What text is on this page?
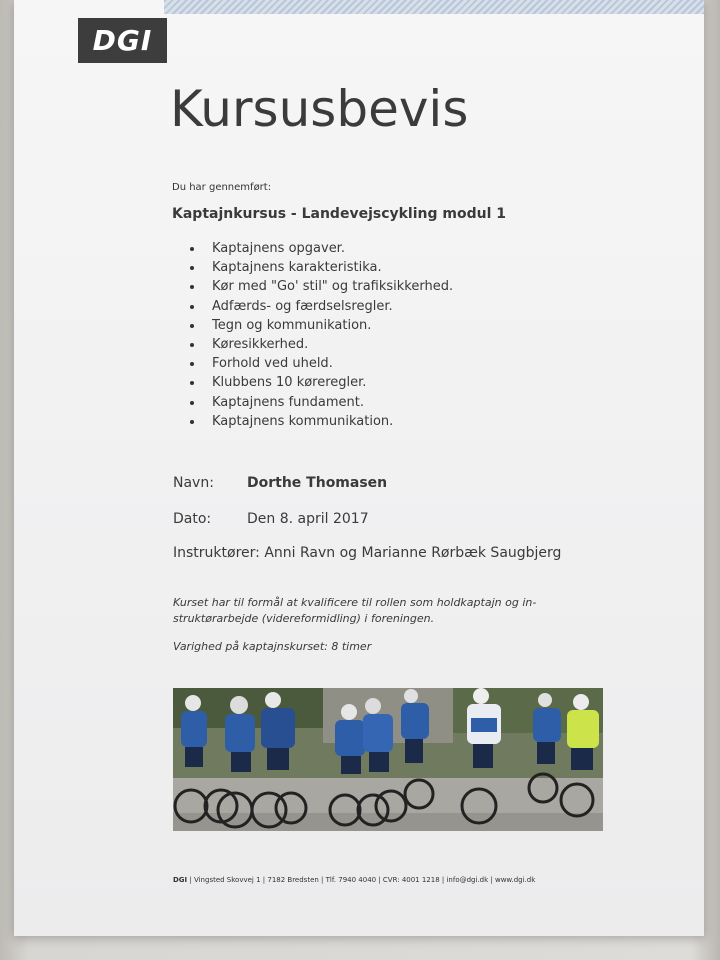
DGI
Kursusbevis
Du har gennemført:
Kaptajnkursus - Landevejscykling modul 1
Kaptajnens opgaver.
Kaptajnens karakteristika.
Kør med "Go' stil" og trafiksikkerhed.
Adfærds- og færdselsregler.
Tegn og kommunikation.
Køresikkerhed.
Forhold ved uheld.
Klubbens 10 køreregler.
Kaptajnens fundament.
Kaptajnens kommunikation.
Navn: Dorthe Thomasen
Dato:	Den 8. april 2017
Instruktører: Anni Ravn og Marianne Rørbæk Saugbjerg
Kurset har til formål at kvalificere til rollen som holdkaptajn og in-struktørarbejde (videreformidling) i foreningen.
Varighed på kaptajnskurset: 8 timer
DGI | Vingsted Skovvej 1 | 7182 Bredsten | Tlf. 7940 4040 | CVR: 4001 1218 | info@dgi.dk | www.dgi.dk
